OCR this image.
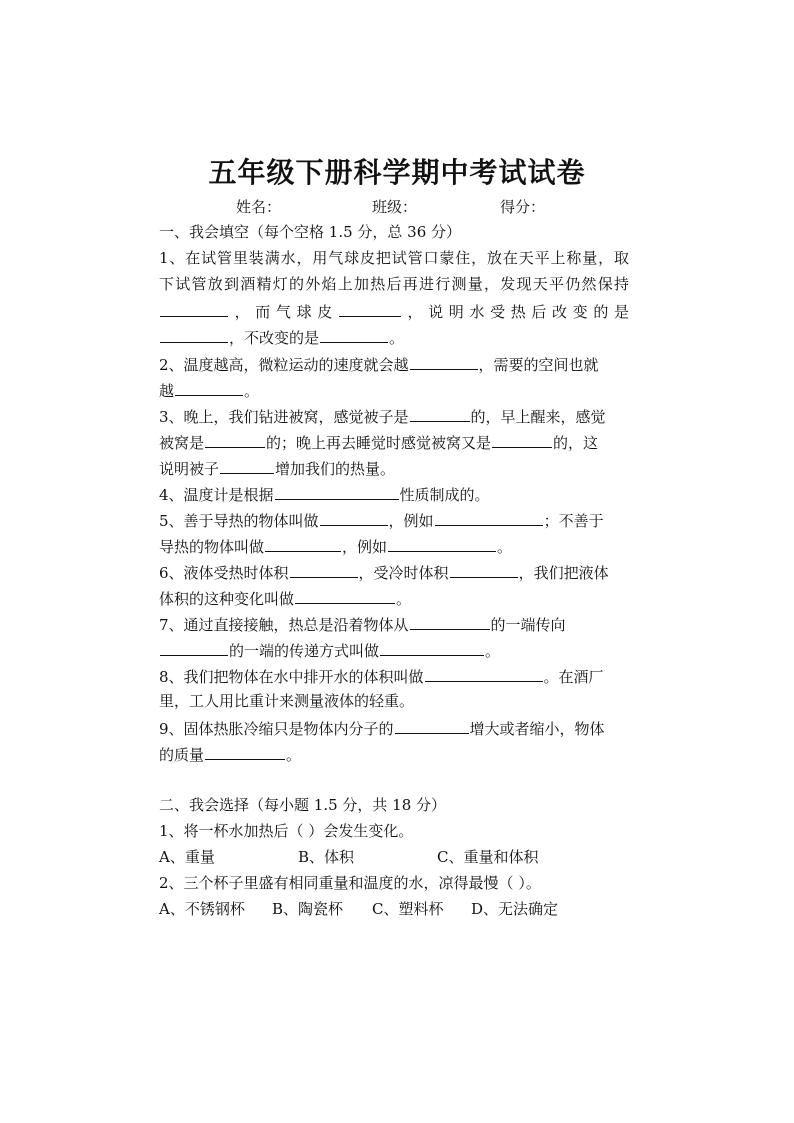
五年级下册科学期中考试试卷
姓名：	班级：	得分：
一、我会填空（每个空格 1.5 分，总 36 分）
1、在试管里装满水，用气球皮把试管口蒙住，放在天平上称量，取
下试管放到酒精灯的外焰上加热后再进行测量，发现天平仍然保持
，而气球皮	，说明水受热后改变的是
，不改变的是	。
2、温度越高，微粒运动的速度就会越	，需要的空间也就
越	。
3、晚上，我们钻进被窝，感觉被子是	的，早上醒来，感觉
被窝是	的；晚上再去睡觉时感觉被窝又是	的，这
说明被子	增加我们的热量。
4、温度计是根据	性质制成的。
5、善于导热的物体叫做	，例如	；不善于
导热的物体叫做	，例如	。
6、液体受热时体积	，受冷时体积	，我们把液体
体积的这种变化叫做	。
7、通过直接接触，热总是沿着物体从	的一端传向
的一端的传递方式叫做	。
8、我们把物体在水中排开水的体积叫做	。在酒厂
里，工人用比重计来测量液体的轻重。
9、固体热胀冷缩只是物体内分子的	增大或者缩小，物体
的质量	。
二、我会选择（每小题 1.5 分，共 18 分）
1、将一杯水加热后（ ）会发生变化。
A、重量	B、体积	C、重量和体积
2、三个杯子里盛有相同重量和温度的水，凉得最慢（ ）。
A、不锈钢杯 B、陶瓷杯 C、塑料杯 D、无法确定
